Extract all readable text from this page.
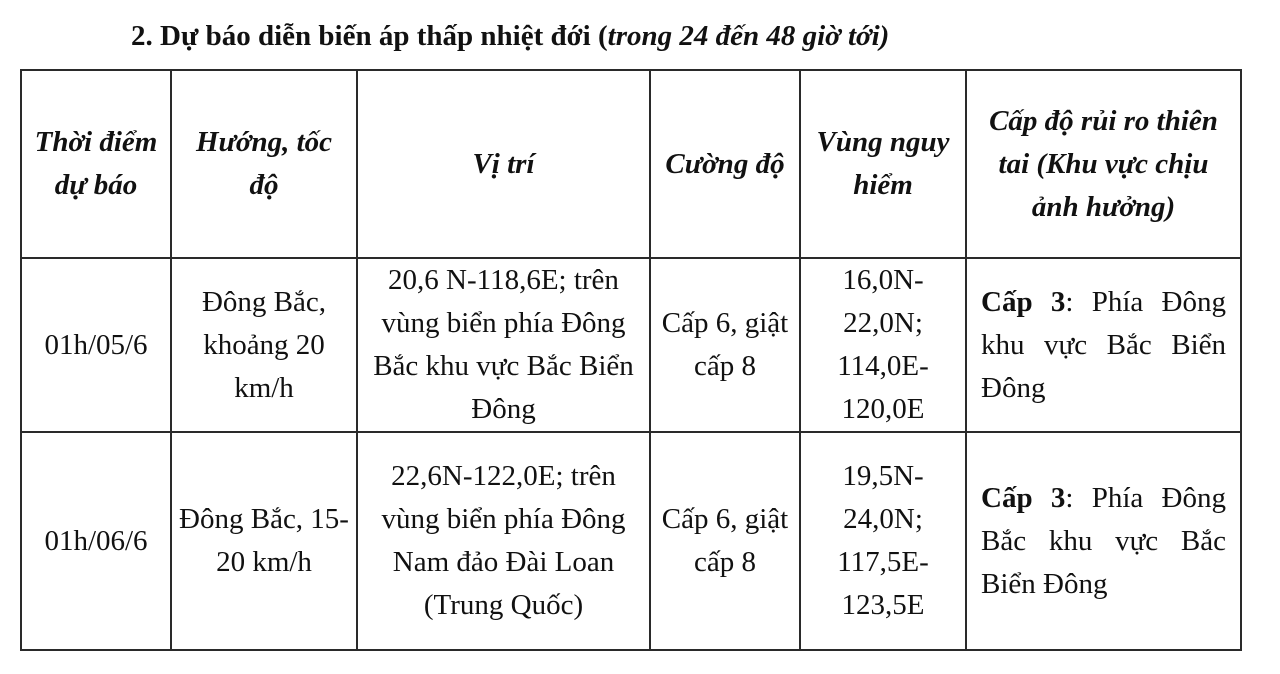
2. Dự báo diễn biến áp thấp nhiệt đới (trong 24 đến 48 giờ tới)
Thời điểm dự báo	Hướng, tốc độ	Vị trí	Cường độ	Vùng nguy hiểm	Cấp độ rủi ro thiên tai (Khu vực chịu ảnh hưởng)
01h/05/6	Đông Bắc, khoảng 20 km/h	20,6 N-118,6E; trên vùng biển phía Đông Bắc khu vực Bắc Biển Đông	Cấp 6, giật cấp 8	16,0N-22,0N; 114,0E-120,0E	Cấp 3: Phía Đông khu vực Bắc Biển Đông
01h/06/6	Đông Bắc, 15-20 km/h	22,6N-122,0E; trên vùng biển phía Đông Nam đảo Đài Loan (Trung Quốc)	Cấp 6, giật cấp 8	19,5N-24,0N; 117,5E-123,5E	Cấp 3: Phía Đông Bắc khu vực Bắc Biển Đông
